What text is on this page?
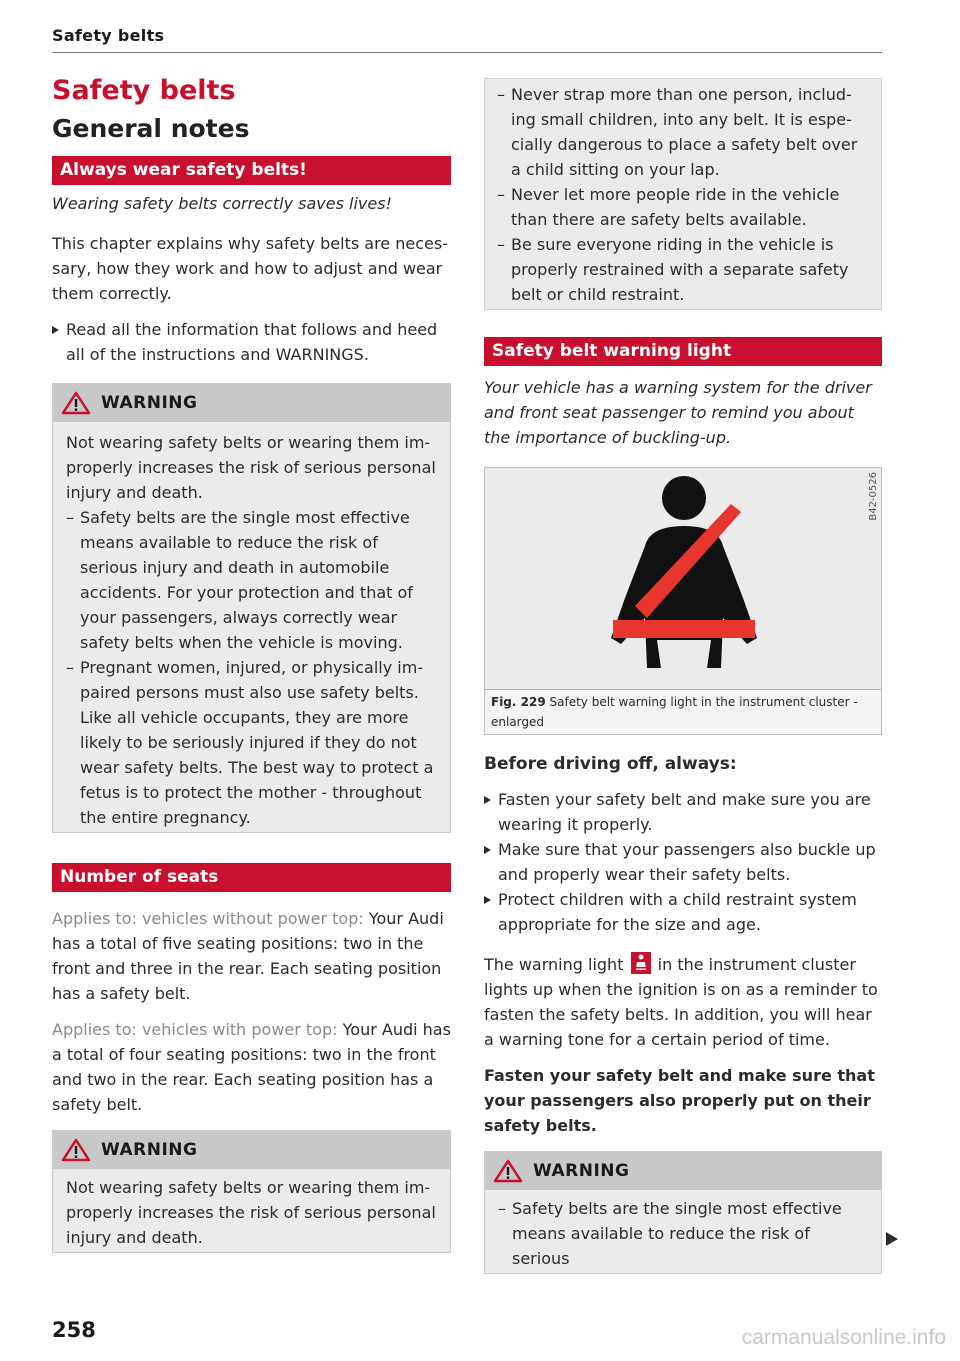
Safety belts
Safety belts
General notes
Always wear safety belts!

Wearing safety belts correctly saves lives!

This chapter explains why safety belts are necessary, how they work and how to adjust and wear them correctly.

Read all the information that follows and heed all of the instructions and WARNINGS.
WARNING

Not wearing safety belts or wearing them improperly increases the risk of serious personal injury and death.

– Safety belts are the single most effective means available to reduce the risk of serious injury and death in automobile accidents. For your protection and that of your passengers, always correctly wear safety belts when the vehicle is moving.
– Pregnant women, injured, or physically impaired persons must also use safety belts. Like all vehicle occupants, they are more likely to be seriously injured if they do not wear safety belts. The best way to protect a fetus is to protect the mother - throughout the entire pregnancy.
Number of seats

Applies to: vehicles without power top: Your Audi has a total of five seating positions: two in the front and three in the rear. Each seating position has a safety belt.

Applies to: vehicles with power top: Your Audi has a total of four seating positions: two in the front and two in the rear. Each seating position has a safety belt.

WARNING

Not wearing safety belts or wearing them improperly increases the risk of serious personal injury and death.

– Never strap more than one person, including small children, into any belt. It is especially dangerous to place a safety belt over a child sitting on your lap.
– Never let more people ride in the vehicle than there are safety belts available.
– Be sure everyone riding in the vehicle is properly restrained with a separate safety belt or child restraint.
Safety belt warning light

Your vehicle has a warning system for the driver and front seat passenger to remind you about the importance of buckling-up.

B42-0526
Fig. 229 Safety belt warning light in the instrument cluster - enlarged
Before driving off, always:
Fasten your safety belt and make sure you are wearing it properly.
Make sure that your passengers also buckle up and properly wear their safety belts.
Protect children with a child restraint system appropriate for the size and age.

The warning light  in the instrument cluster lights up when the ignition is on as a reminder to fasten the safety belts. In addition, you will hear a warning tone for a certain period of time.

Fasten your safety belt and make sure that your passengers also properly put on their safety belts.

WARNING
– Safety belts are the single most effective means available to reduce the risk of serious
258	carmanualsonline.info
